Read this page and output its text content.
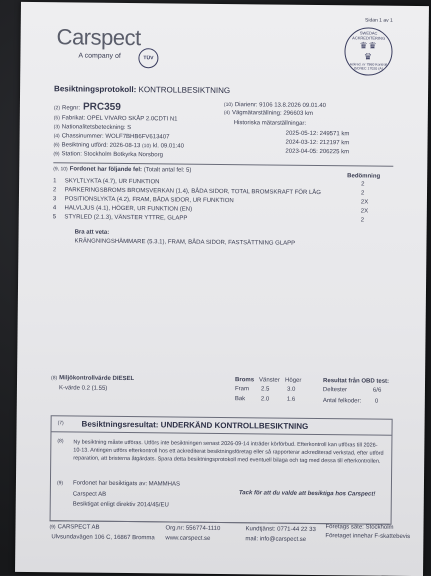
Carspect
A company of	TÜV
Sidan 1 av 1
SWEDAC ACKREDITERING
♛♛
♛
Ackred. nr 7960 Kontroll ISO/IEC 17020 (A)
Besiktningsprotokoll: KONTROLLBESIKTNING
(2) Regnr: PRC359
(5) Fabrikat: OPEL VIVARO SKÅP 2.0CDTI N1
(3) Nationalitetsbeteckning: S
(4) Chassinummer: WOLF7BHB6FV613407
(6) Besiktning utförd: 2026-08-13 (10) kl. 09.01:40
(9) Station: Stockholm Botkyrka Norsborg
(10) Diarienr: 9106 13.8.2026 09.01.40
(4) Vägmätarställning: 296603 km
Historiska mätarställningar:
2025-05-12: 249571 km
2024-03-12: 212197 km
2023-04-05: 206225 km
(9, 10) Fordonet har följande fel: (Totalt antal fel: 5)
Bedömning
1 SKYLTLYKTA (4.7), UR FUNKTION	2
2 PARKERINGSBROMS BROMSVERKAN (1.4), BÅDA SIDOR, TOTAL BROMSKRAFT FÖR LÅG	2
3 POSITIONSLYKTA (4.2), FRAM, BÅDA SIDOR, UR FUNKTION	2X
4 HALVLJUS (4.1), HÖGER, UR FUNKTION (EN)	2X
5 STYRLED (2.1.3), VÄNSTER YTTRE, GLAPP	2
Bra att veta:
KRÄNGNINGSHÄMMARE (5.3.1), FRAM, BÅDA SIDOR, FASTSÄTTNING GLAPP
(8) Miljökontrollvärde DIESEL
K-värde 0.2 (1.55)
Broms Vänster Höger
Fram 2.5	3.0
Bak	2.0	1.6
Resultat från OBD test:
Deltester	6/6
Antal felkoder: 0
(7) Besiktningsresultat: UNDERKÄND KONTROLLBESIKTNING
(8) Ny besiktning måste utföras. Utförs inte besiktningen senast 2026-09-14 inträder körförbud. Efterkontroll kan utföras till 2026-10-13. Antingen utförs efterkontroll hos ett ackrediterat besiktningsföretag eller så rapporterar ackrediterad verkstad, efter utförd reparation, att bristerna åtgärdats. Spara detta besiktningsprotokoll med eventuell bilaga och tag med dessa till efterkontrollen.
(9) Fordonet har besiktigats av: MAMMHAS
Carspect AB
Besiktigat enligt direktiv 2014/45/EU
Tack för att du valde att besiktiga hos Carspect!
(9) CARSPECT AB
Ulvsundavägen 106 C, 16867 Bromma
Org.nr: 556774-1110
www.carspect.se
Kundtjänst: 0771-44 22 33
mail: info@carspect.se
Företags säte: Stockholm
Företaget innehar F-skattebevis
